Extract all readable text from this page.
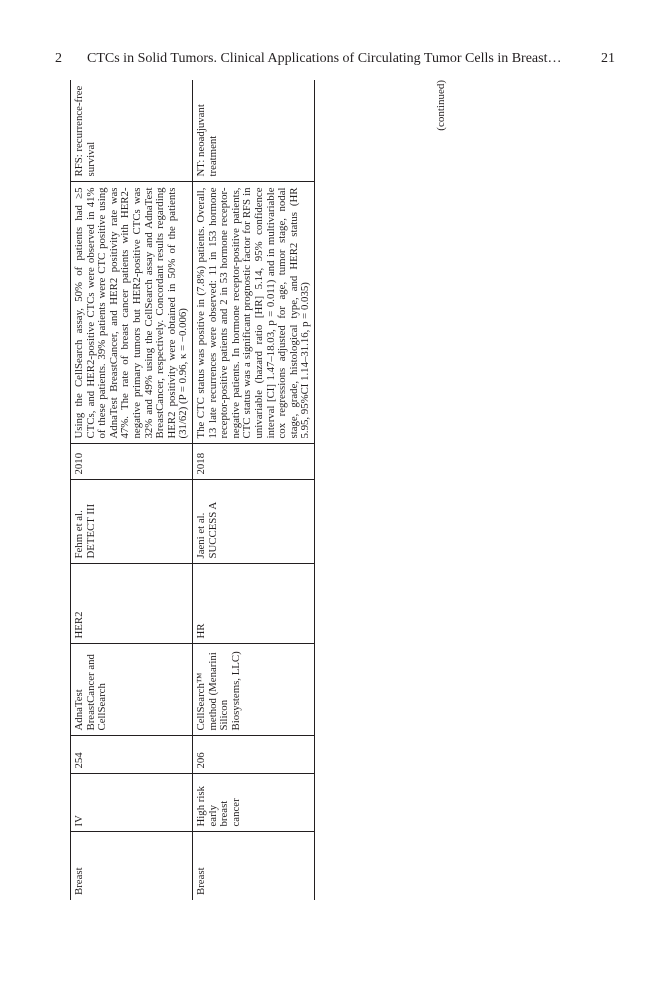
2 CTCs in Solid Tumors. Clinical Applications of Circulating Tumor Cells in Breast…	21
Breast	IV	254	AdnaTest BreastCancer and CellSearch	HER2	Fehm et al. DETECT III	2010	Using the CellSearch assay, 50% of patients had ≥5 CTCs, and HER2-positive CTCs were observed in 41% of these patients. 39% patients were CTC positive using AdnaTest BreastCancer, and HER2 positivity rate was 47%. The rate of breast cancer patients with HER2-negative primary tumors but HER2-positive CTCs was 32% and 49% using the CellSearch assay and AdnaTest BreastCancer, respectively. Concordant results regarding HER2 positivity were obtained in 50% of the patients (31/62) (P = 0.96, κ = −0.006)	RFS: recurrence-free survival
Breast	High risk early breast cancer	206	CellSearch™ method (Menarini Silicon Biosystems, LLC)	HR	Jaeni et al. SUCCESS A	2018	The CTC status was positive in (7.8%) patients. Overall, 13 late recurrences were observed: 11 in 153 hormone receptor-positive patients and 2 in 53 hormone receptor-negative patients. In hormone receptor-positive patients, CTC status was a significant prognostic factor for RFS in univariable (hazard ratio [HR] 5.14, 95% confidence interval [CI] 1.47–18.03, p = 0.011) and in multivariable cox regressions adjusted for age, tumor stage, nodal stage, grade, histological type, and HER2 status (HR 5.95, 95%CI 1.14–31.16, p = 0.035)	NT: neoadjuvant treatment
(continued)
